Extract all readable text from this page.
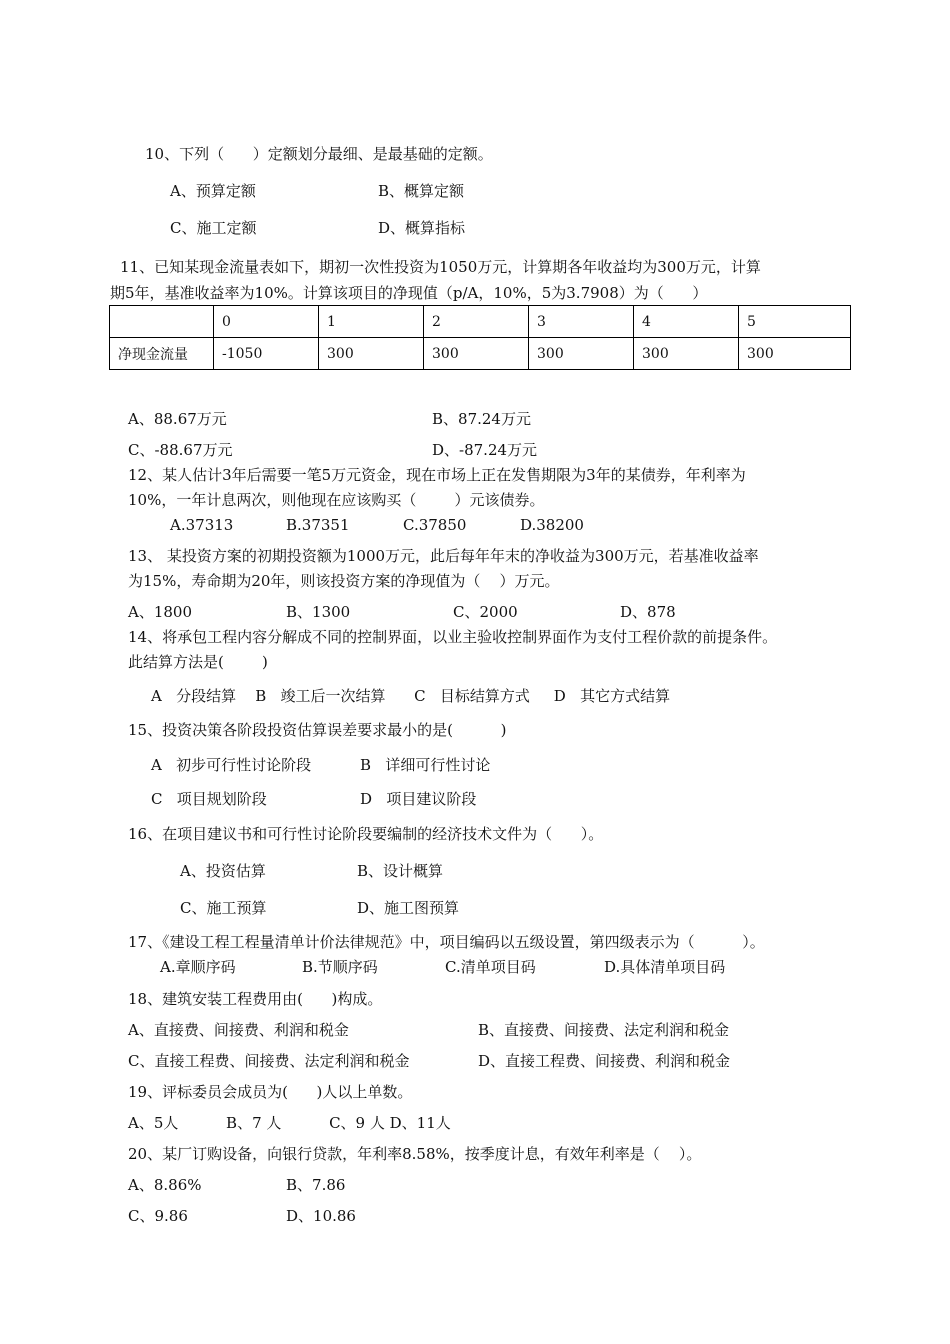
10、下列（      ）定额划分最细、是最基础的定额。
A、预算定额	B、概算定额
C、施工定额	D、概算指标
11、已知某现金流量表如下，期初一次性投资为1050万元，计算期各年收益均为300万元，计算
期5年，基准收益率为10%。计算该项目的净现值（p/A，10%，5为3.7908）为（      ）
	0	1	2	3	4	5
净现金流量	-1050	300	300	300	300	300
A、88.67万元	B、87.24万元
C、-88.67万元	D、-87.24万元
12、某人估计3年后需要一笔5万元资金，现在市场上正在发售期限为3年的某债券，年利率为
10%，一年计息两次，则他现在应该购买（        ）元该债券。
A.37313	B.37351	C.37850	D.38200
13、 某投资方案的初期投资额为1000万元，此后每年年末的净收益为300万元，若基准收益率
为15%，寿命期为20年，则该投资方案的净现值为（    ）万元。
A、1800	B、1300	C、2000	D、878
14、将承包工程内容分解成不同的控制界面，以业主验收控制界面作为支付工程价款的前提条件。
此结算方法是(        )
A   分段结算    B   竣工后一次结算      C   目标结算方式     D   其它方式结算
15、投资决策各阶段投资估算误差要求最小的是(          )
A   初步可行性讨论阶段	B   详细可行性讨论
C   项目规划阶段	D   项目建议阶段
16、在项目建议书和可行性讨论阶段要编制的经济技术文件为（      ）。
A、投资估算	B、设计概算
C、施工预算	D、施工图预算
17、《建设工程工程量清单计价法律规范》中，项目编码以五级设置，第四级表示为（          ）。
A.章顺序码	B.节顺序码	C.清单项目码	D.具体清单项目码
18、建筑安装工程费用由(      )构成。
A、直接费、间接费、利润和税金	B、直接费、间接费、法定利润和税金
C、直接工程费、间接费、法定利润和税金	D、直接工程费、间接费、利润和税金
19、评标委员会成员为(      )人以上单数。
A、5人          B、7 人          C、9 人 D、11人
20、某厂订购设备，向银行贷款，年利率8.58%，按季度计息，有效年利率是（    ）。
A、8.86%	B、7.86
C、9.86	D、10.86
